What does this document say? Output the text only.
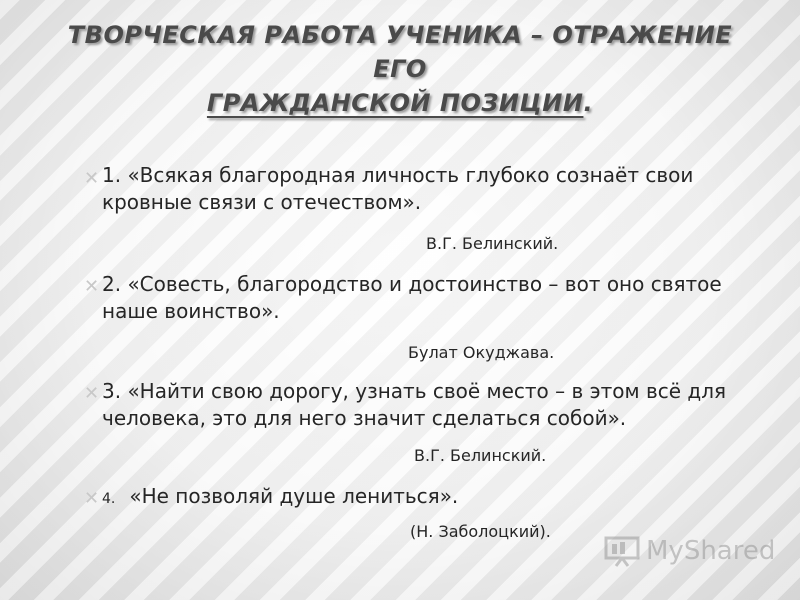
ТВОРЧЕСКАЯ РАБОТА УЧЕНИКА – ОТРАЖЕНИЕ ЕГО
ГРАЖДАНСКОЙ ПОЗИЦИИ.
✕ 1. «Всякая благородная личность глубоко сознаёт свои кровные связи с отечеством».
В.Г. Белинский.
✕ 2. «Совесть, благородство и достоинство – вот оно святое наше воинство».
Булат Окуджава.
✕ 3. «Найти свою дорогу, узнать своё место – в этом всё для человека, это для него значит сделаться собой».
В.Г. Белинский.
✕ 4. «Не позволяй душе лениться».
(Н. Заболоцкий).
MyShared
